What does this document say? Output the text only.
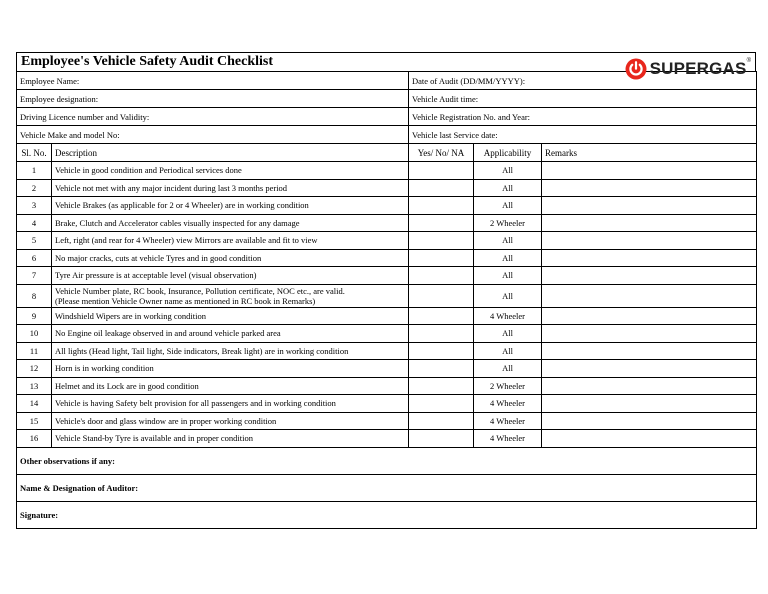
Employee's Vehicle Safety Audit Checklist	SUPERGAS ®
Employee Name:		Date of Audit (DD/MM/YYYY):		
Employee designation:		Vehicle Audit time:		
Driving Licence number and Validity:		Vehicle Registration No. and Year:		
Vehicle Make and model No:		Vehicle last Service date:		
Sl. No.	Description	Yes/ No/ NA	Applicability	Remarks
1	Vehicle in good condition and Periodical services done		All	
2	Vehicle not met with any major incident during last 3 months period		All	
3	Vehicle Brakes (as applicable for 2 or 4 Wheeler) are in working condition		All	
4	Brake, Clutch and Accelerator cables visually inspected for any damage		2 Wheeler	
5	Left, right (and rear for 4 Wheeler) view Mirrors are available and fit to view		All	
6	No major cracks, cuts at vehicle Tyres and in good condition		All	
7	Tyre Air pressure is at acceptable level (visual observation)		All	
8	Vehicle Number plate, RC book, Insurance, Pollution certificate, NOC etc., are valid.
(Please mention Vehicle Owner name as mentioned in RC book in Remarks)		All	
9	Windshield Wipers are in working condition		4 Wheeler	
10	No Engine oil leakage observed in and around vehicle parked area		All	
11	All lights (Head light, Tail light, Side indicators, Break light) are in working condition		All	
12	Horn is in working condition		All	
13	Helmet and its Lock are in good condition		2 Wheeler	
14	Vehicle is having Safety belt provision for all passengers and in working condition		4 Wheeler	
15	Vehicle's door and glass window are in proper working condition		4 Wheeler	
16	Vehicle Stand-by Tyre is available and in proper condition		4 Wheeler	
Other observations if any:				
Name & Designation of Auditor:				
Signature:				
